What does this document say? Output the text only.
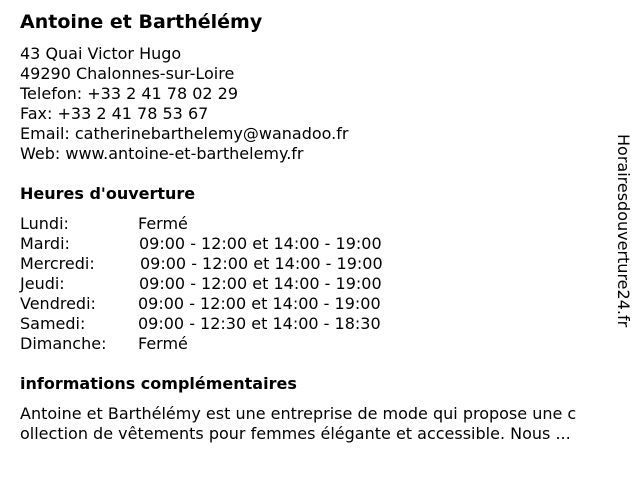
Antoine et Barthélémy
43 Quai Victor Hugo
49290 Chalonnes-sur-Loire
Telefon: +33 2 41 78 02 29
Fax: +33 2 41 78 53 67
Email: catherinebarthelemy@wanadoo.fr
Web: www.antoine-et-barthelemy.fr
Heures d'ouverture
Lundi:	Fermé
Mardi:	09:00 - 12:00 et 14:00 - 19:00
Mercredi:	09:00 - 12:00 et 14:00 - 19:00
Jeudi:	09:00 - 12:00 et 14:00 - 19:00
Vendredi:	09:00 - 12:00 et 14:00 - 19:00
Samedi:	09:00 - 12:30 et 14:00 - 18:30
Dimanche: Fermé
informations complémentaires
Antoine et Barthélémy est une entreprise de mode qui propose une c
ollection de vêtements pour femmes élégante et accessible. Nous ...
Horairesdouverture24.fr
